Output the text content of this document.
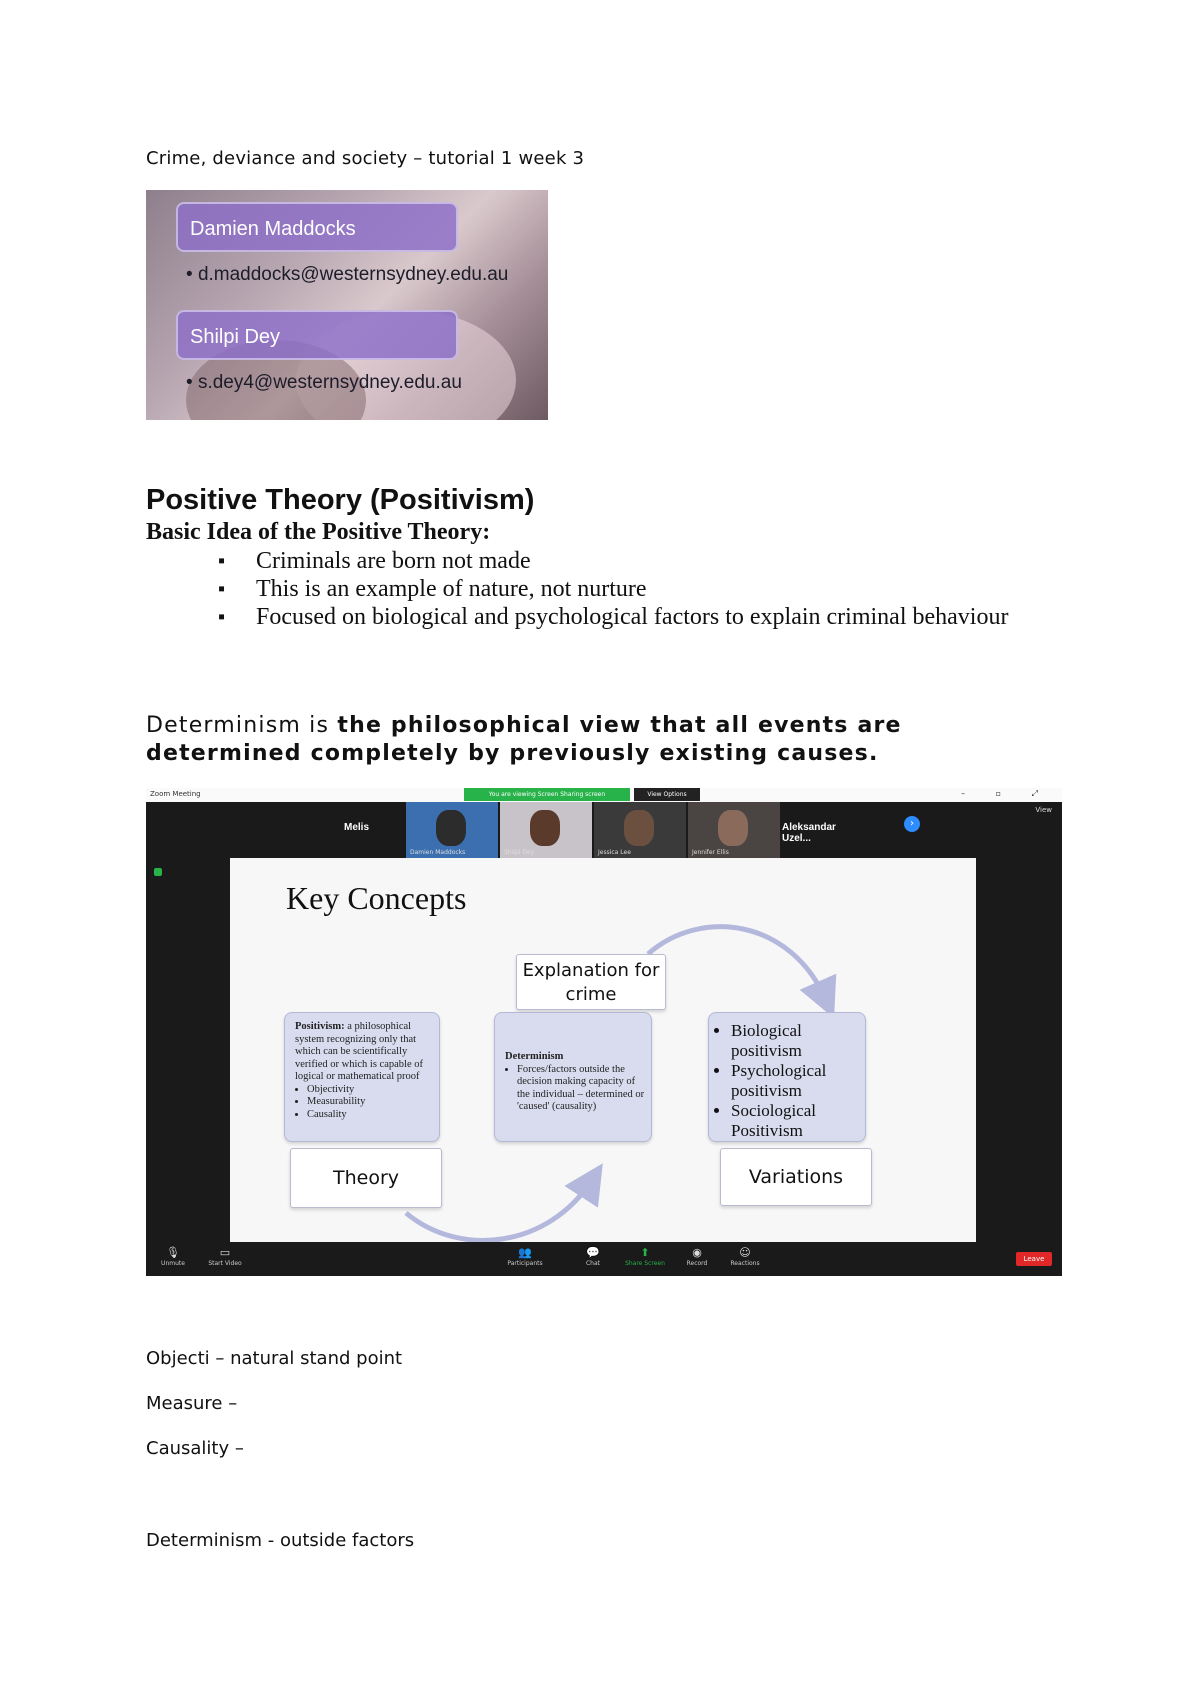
Crime, deviance and society – tutorial 1 week 3
Damien Maddocks
• d.maddocks@westernsydney.edu.au
Shilpi Dey
• s.dey4@westernsydney.edu.au
Positive Theory (Positivism)
Basic Idea of the Positive Theory:
▪ Criminals are born not made
▪ This is an example of nature, not nurture
▪ Focused on biological and psychological factors to explain criminal behaviour
Determinism is the philosophical view that all events are determined completely by previously existing causes.
Zoom Meeting	You are viewing Screen Sharing screen	View Options	– ▫ ⤢
Melis
Damien Maddocks	Shilpi Dey	Jessica Lee	Jennifer Ellis
Aleksandar Uzel...
›
View
Key Concepts
Explanation for crime
Positivism: a philosophical system recognizing only that which can be scientifically verified or which is capable of logical or mathematical proof
• Objectivity
• Measurability
• Causality
Determinism
• Forces/factors outside the decision making capacity of the individual – determined or 'caused' (causality)
• Biological positivism
• Psychological positivism
• Sociological Positivism
Theory	Variations
🎙
Unmute
▭
Start Video
👥
Participants
💬
Chat
⬆
Share Screen
◉
Record
☺
Reactions
Leave
Objecti – natural stand point
Measure –
Causality –
Determinism - outside factors
